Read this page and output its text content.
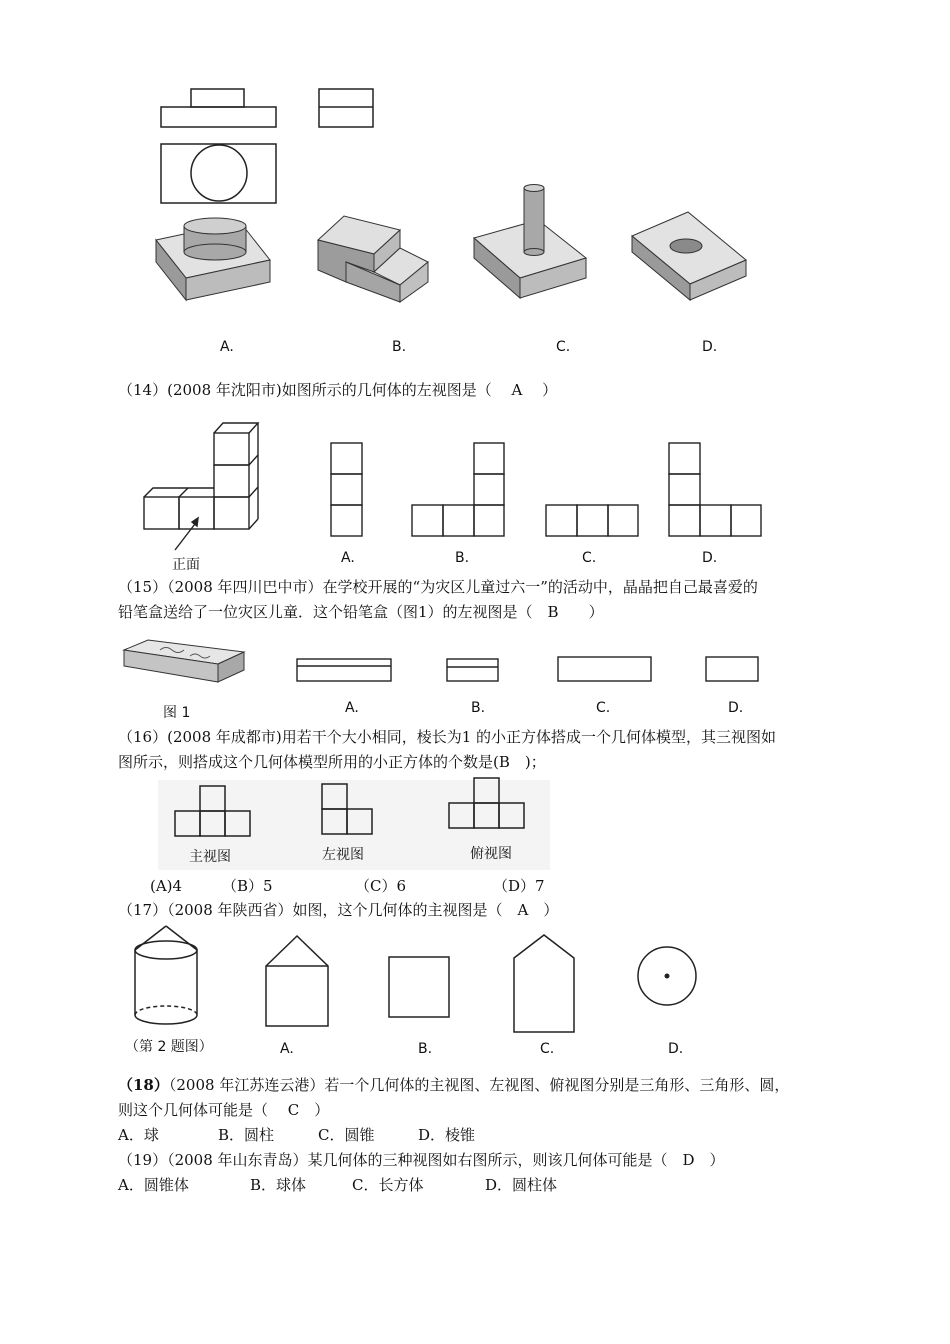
A.	B.	C.	D.
（14）(2008 年沈阳市)如图所示的几何体的左视图是（　 A　 ）
正面	A.	B.	C.	D.
（15）（2008 年四川巴中市）在学校开展的“为灾区儿童过六一”的活动中，晶晶把自己最喜爱的
铅笔盒送给了一位灾区儿童．这个铅笔盒（图1）的左视图是（　B　　）
图 1	A.	B.	C.	D.
（16）(2008 年成都市)用若干个大小相同，棱长为1 的小正方体搭成一个几何体模型，其三视图如
图所示，则搭成这个几何体模型所用的小正方体的个数是(B　)；
主视图	左视图	俯视图
(A)4	（B）5	（C）6	（D）7
（17）（2008 年陕西省）如图，这个几何体的主视图是（　A　）
（第 2 题图）	A.	B.	C.	D.
（18）（2008 年江苏连云港）若一个几何体的主视图、左视图、俯视图分别是三角形、三角形、圆，
则这个几何体可能是（　 C　）
A．球	B．圆柱	C．圆锥	D．棱锥
（19）（2008 年山东青岛）某几何体的三种视图如右图所示，则该几何体可能是（　D　）
A．圆锥体	B．球体	C．长方体	D．圆柱体
